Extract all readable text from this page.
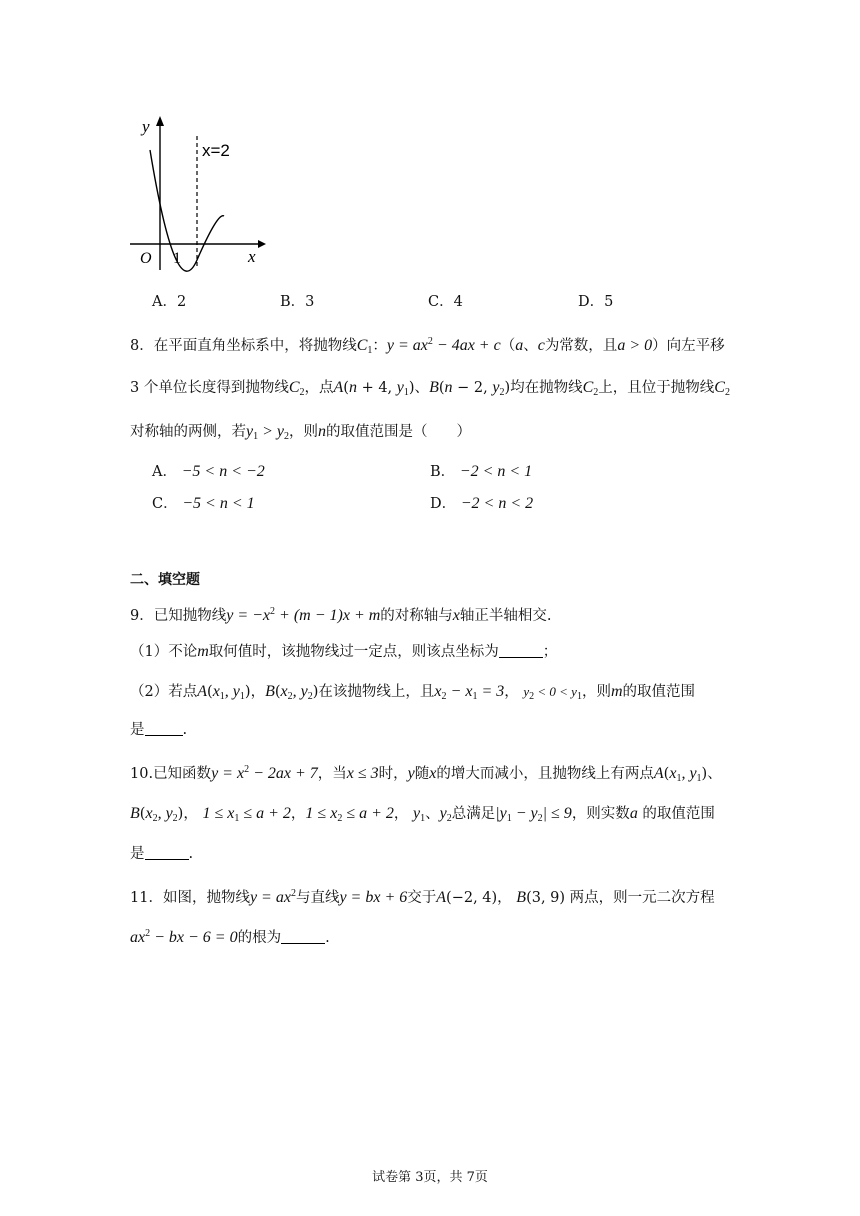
y
x
O 1
x=2
A．2	B．3	C．4	D．5
8．在平面直角坐标系中，将抛物线$C_1$：$y = ax^2 - 4ax + c(a$、c为常数，且a > 0）向左平移
3 个单位长度得到抛物线$C_2$，点A(n + 4, $y_1$)、B(n − 2, $y_2$)均在抛物线$C_2$上，且位于抛物线$C_2$
对称轴的两侧，若$y_1 > y_2$，则n的取值范围是（　　）
A． −5 < n < −2	B． −2 < n < 1
C． −5 < n < 1	D． −2 < n < 2
二、填空题
9．已知抛物线$y = -x^2 + (m - 1)x + m$的对称轴与x轴正半轴相交.
（1）不论m取何值时，该抛物线过一定点，则该点坐标为	；
（2）若点$A(x_1$, $y_1$)，$B(x_2$, $y_2$)在该抛物线上，且$x_2 - x_1 = 3$， $y_2 < 0 < y_1$，则m的取值范围
是	.
10.已知函数$y = x^2 - 2ax + 7$，当x ≤ 3时，y随x的增大而减小，且抛物线上有两点$A(x_1$, $y_1$)、
$B(x_2$, $y_2$)， $1 \le x_1 \le a + 2$，$1 \le x_2 \le a + 2$， $y_1$、$y_2$总满足$|y_1 - y_2| \le 9$，则实数a 的取值范围
是	.
11．如图，抛物线$y = ax^2$与直线y = bx + 6交于A(−2, 4)， B(3, 9) 两点，则一元二次方程
$ax^2$ − bx − 6 = 0的根为	.
试卷第 3页，共 7页
